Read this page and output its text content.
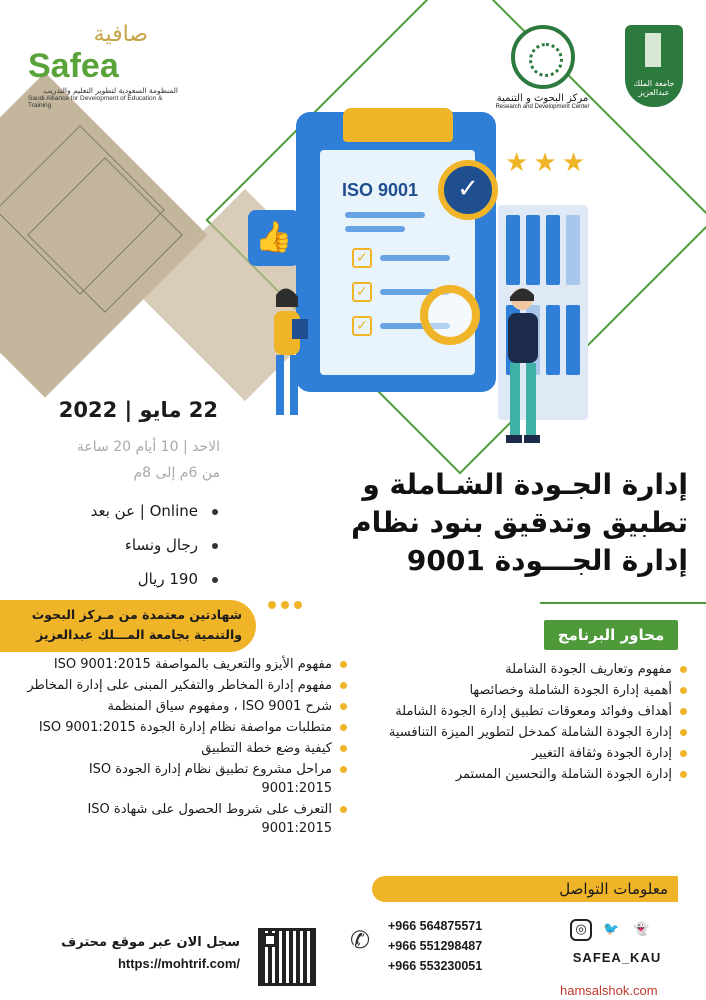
صافية
Safea
المنظومة السعودية لتطوير التعليم والتدريب
Saudi Alliance for Development of Education & Training
مركز البحوث و التنمية
Research and Development Center
جامعة الملك عبدالعزيز
ISO 9001
✓
✓
✓
✓
★ ★ ★
👍
22 مايو | 2022
الاحد | 10 أيام 20 ساعة
من 6م إلى 8م
Online | عن بعد
رجال ونساء
190 ريال
إدارة الجـودة الشـاملة و
تطبيق وتدقيق بنود نظام
إدارة الجـــودة 9001
شهادتين معتمدة من مـركز البحوث
والتنمية بجامعة المـــلك عبدالعزيز	محاور البرنامج
مفهوم وتعاريف الجودة الشاملة
أهمية إدارة الجودة الشاملة وخصائصها
أهداف وفوائد ومعوقات تطبيق إدارة الجودة الشاملة
إدارة الجودة الشاملة كمدخل لتطوير الميزة التنافسية
إدارة الجودة وثقافة التغيير
إدارة الجودة الشاملة والتحسين المستمر
مفهوم الأيزو والتعريف بالمواصفة ISO 9001:2015
مفهوم إدارة المخاطر والتفكير المبنى على إدارة المخاطر
شرح ISO 9001 ، ومفهوم سياق المنظمة
متطلبات مواصفة نظام إدارة الجودة ISO 9001:2015
كيفية وضع خطة التطبيق
مراحل مشروع تطبيق نظام إدارة الجودة ISO 9001:2015
التعرف على شروط الحصول على شهادة ISO 9001:2015
معلومات التواصل
✆ +966 564875571
+966 551298487
+966 553230051
◎ 🐦 👻
SAFEA_KAU
سجل الان عبر موقع محترف
https://mohtrif.com/
hamsalshok.com
